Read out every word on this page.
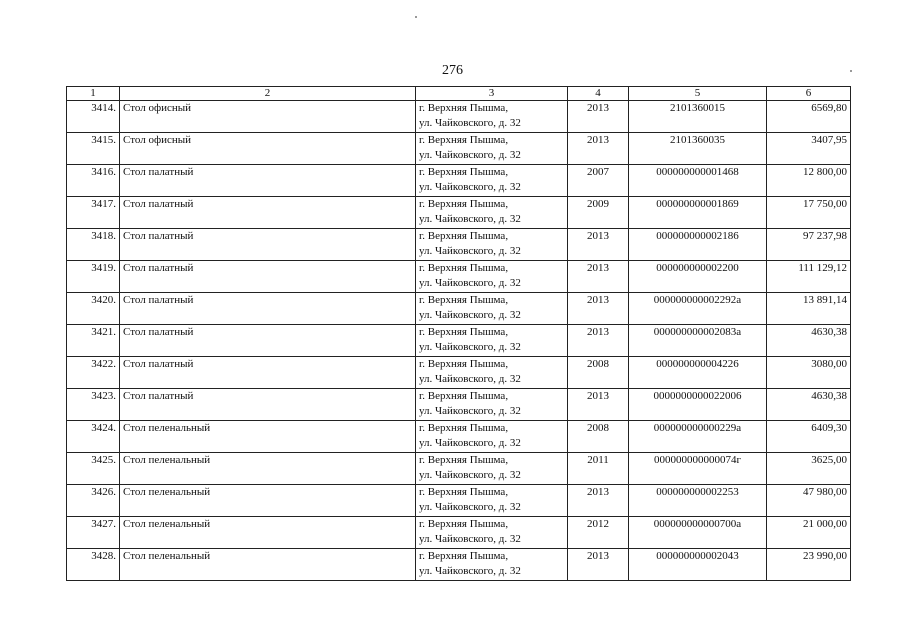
276
1	2	3	4	5	6
3414.	Стол офисный	г. Верхняя Пышма,
ул. Чайковского, д. 32	2013	2101360015	6569,80
3415.	Стол офисный	г. Верхняя Пышма,
ул. Чайковского, д. 32	2013	2101360035	3407,95
3416.	Стол палатный	г. Верхняя Пышма,
ул. Чайковского, д. 32	2007	000000000001468	12 800,00
3417.	Стол палатный	г. Верхняя Пышма,
ул. Чайковского, д. 32	2009	000000000001869	17 750,00
3418.	Стол палатный	г. Верхняя Пышма,
ул. Чайковского, д. 32	2013	000000000002186	97 237,98
3419.	Стол палатный	г. Верхняя Пышма,
ул. Чайковского, д. 32	2013	000000000002200	111 129,12
3420.	Стол палатный	г. Верхняя Пышма,
ул. Чайковского, д. 32	2013	000000000002292а	13 891,14
3421.	Стол палатный	г. Верхняя Пышма,
ул. Чайковского, д. 32	2013	000000000002083а	4630,38
3422.	Стол палатный	г. Верхняя Пышма,
ул. Чайковского, д. 32	2008	000000000004226	3080,00
3423.	Стол палатный	г. Верхняя Пышма,
ул. Чайковского, д. 32	2013	0000000000022006	4630,38
3424.	Стол пеленальный	г. Верхняя Пышма,
ул. Чайковского, д. 32	2008	000000000000229а	6409,30
3425.	Стол пеленальный	г. Верхняя Пышма,
ул. Чайковского, д. 32	2011	000000000000074г	3625,00
3426.	Стол пеленальный	г. Верхняя Пышма,
ул. Чайковского, д. 32	2013	000000000002253	47 980,00
3427.	Стол пеленальный	г. Верхняя Пышма,
ул. Чайковского, д. 32	2012	000000000000700а	21 000,00
3428.	Стол пеленальный	г. Верхняя Пышма,
ул. Чайковского, д. 32	2013	000000000002043	23 990,00
